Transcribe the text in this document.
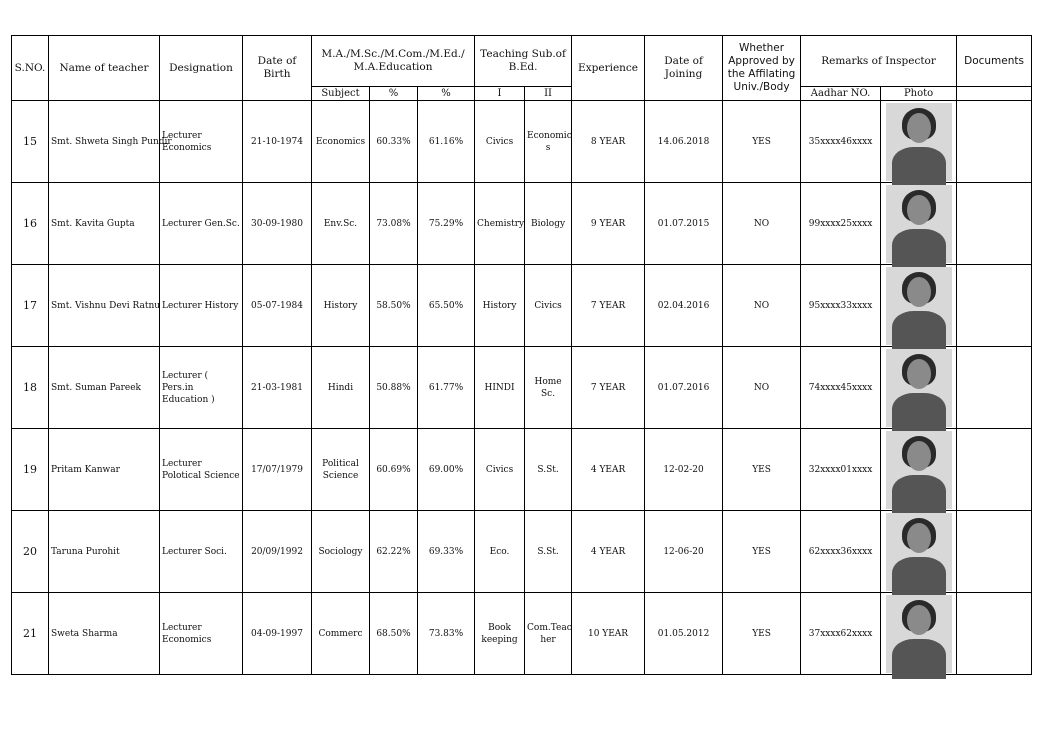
S.NO.	Name of teacher	Designation	Date of Birth	M.A./M.Sc./M.Com./M.Ed./ M.A.Education			Teaching Sub.of B.Ed.		Experience	Date of Joining	Whether Approved by the Affilating Univ./Body	Remarks of Inspector		Documents
				Subject	%	%	I	II				Aadhar NO.	Photo	
15	Smt. Shweta Singh Pundir	Lecturer Economics	21-10-1974	Economics	60.33%	61.16%	Civics	Economic s	8 YEAR	14.06.2018	YES	35xxxx46xxxx	

16	Smt. Kavita Gupta	Lecturer Gen.Sc.	30-09-1980	Env.Sc.	73.08%	75.29%	Chemistry	Biology	9 YEAR	01.07.2015	NO	99xxxx25xxxx	

17	Smt. Vishnu Devi Ratnu	Lecturer History	05-07-1984	History	58.50%	65.50%	History	Civics	7 YEAR	02.04.2016	NO	95xxxx33xxxx	

18	Smt. Suman Pareek	Lecturer ( Pers.in Education )	21-03-1981	Hindi	50.88%	61.77%	HINDI	Home Sc.	7 YEAR	01.07.2016	NO	74xxxx45xxxx	

19	Pritam Kanwar	Lecturer Polotical Science	17/07/1979	Political Science	60.69%	69.00%	Civics	S.St.	4 YEAR	12-02-20	YES	32xxxx01xxxx	

20	Taruna Purohit	Lecturer Soci.	20/09/1992	Sociology	62.22%	69.33%	Eco.	S.St.	4 YEAR	12-06-20	YES	62xxxx36xxxx	

21	Sweta Sharma	Lecturer Economics	04-09-1997	Commerc	68.50%	73.83%	Book keeping	Com.Teac her	10 YEAR	01.05.2012	YES	37xxxx62xxxx	
